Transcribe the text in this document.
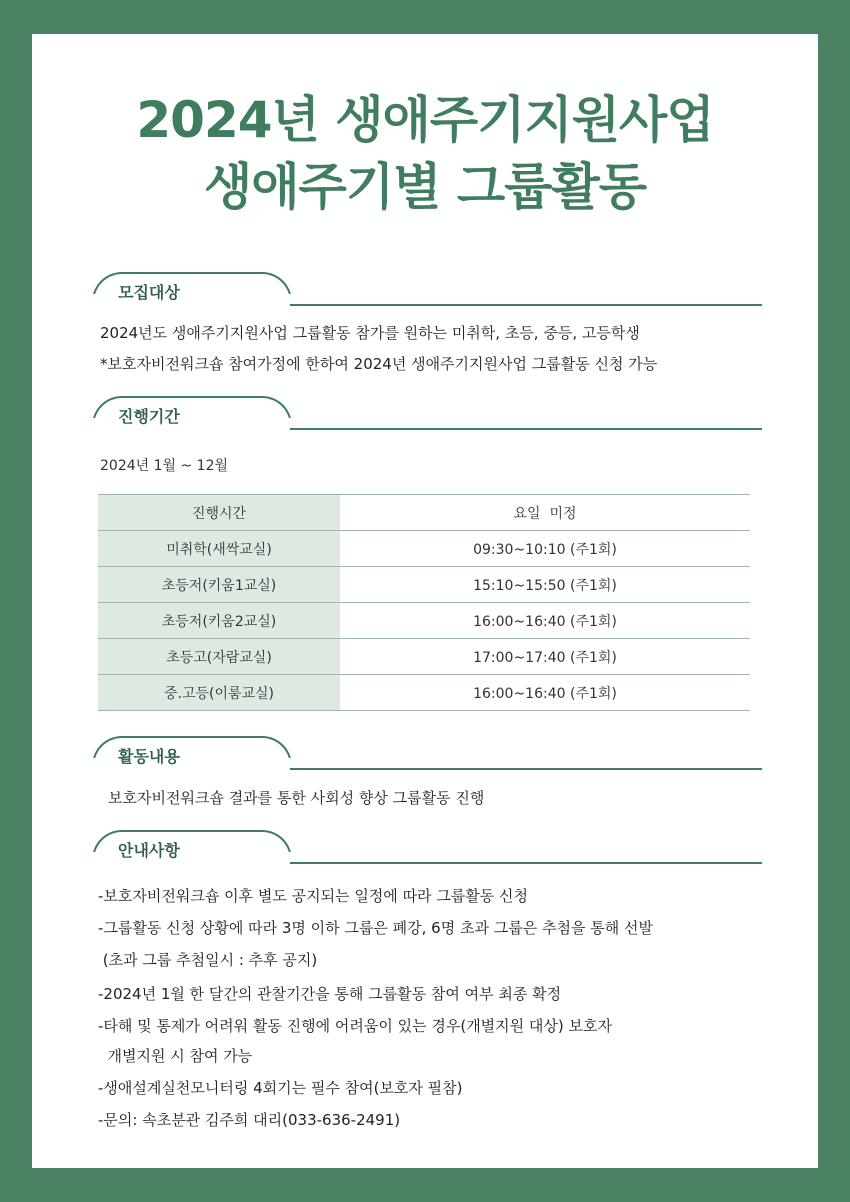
2024년 생애주기지원사업
생애주기별 그룹활동
모집대상
2024년도 생애주기지원사업 그룹활동 참가를 원하는 미취학, 초등, 중등, 고등학생
*보호자비전워크숍 참여가정에 한하여 2024년 생애주기지원사업 그룹활동 신청 가능
진행기간
2024년 1월 ~ 12월
진행시간	요일  미정
미취학(새싹교실)	09:30~10:10 (주1회)
초등저(키움1교실)	15:10~15:50 (주1회)
초등저(키움2교실)	16:00~16:40 (주1회)
초등고(자람교실)	17:00~17:40 (주1회)
중.고등(이룸교실)	16:00~16:40 (주1회)
활동내용
보호자비전워크숍 결과를 통한 사회성 향상 그룹활동 진행
안내사항
-보호자비전워크숍 이후 별도 공지되는 일정에 따라 그룹활동 신청
-그룹활동 신청 상황에 따라 3명 이하 그룹은 폐강, 6명 초과 그룹은 추첨을 통해 선발
(초과 그룹 추첨일시 : 추후 공지)
-2024년 1월 한 달간의 관찰기간을 통해 그룹활동 참여 여부 최종 확정
-타해 및 통제가 어려워 활동 진행에 어려움이 있는 경우(개별지원 대상) 보호자
개별지원 시 참여 가능
-생애설계실천모니터링 4회기는 필수 참여(보호자 필참)
-문의: 속초분관 김주희 대리(033-636-2491)
